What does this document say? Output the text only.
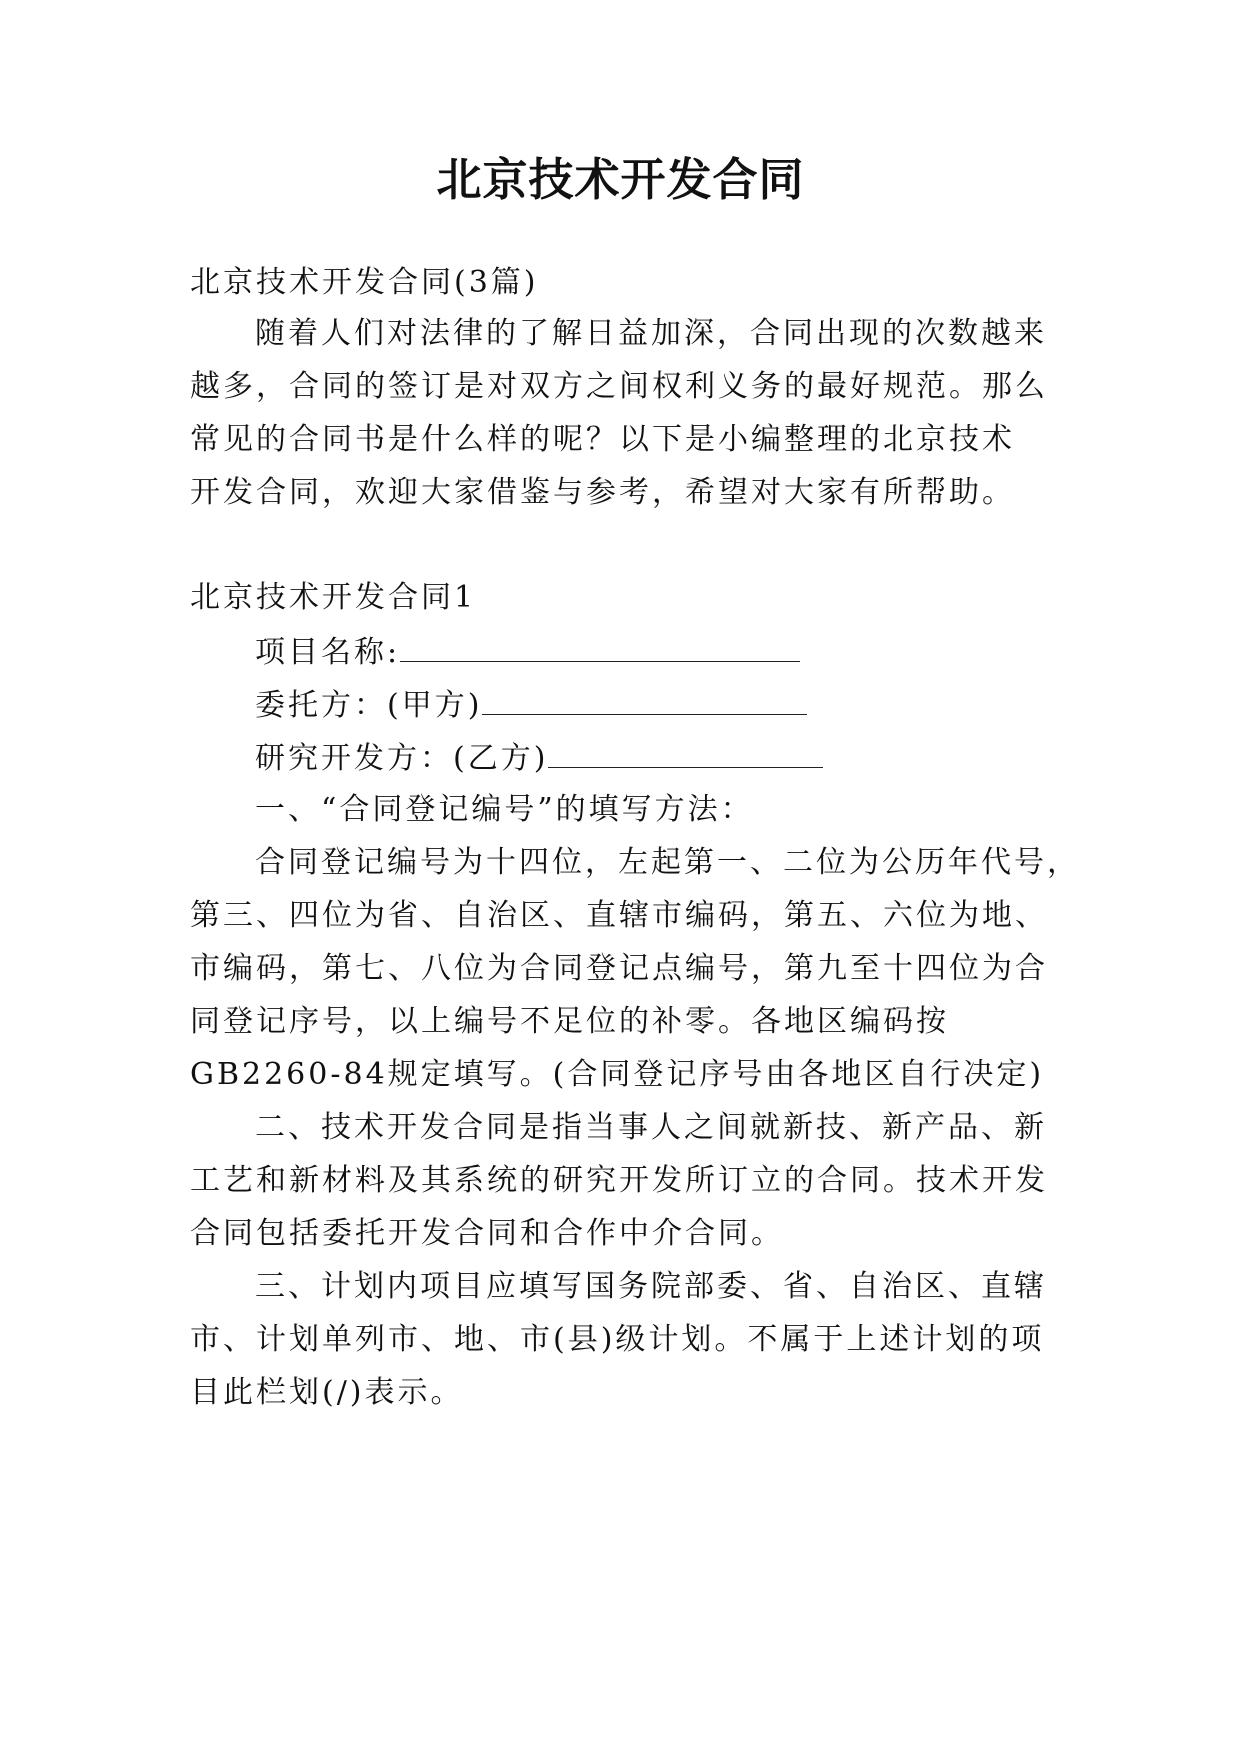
北京技术开发合同

北京技术开发合同(3篇)

随着人们对法律的了解日益加深，合同出现的次数越来

越多，合同的签订是对双方之间权利义务的最好规范。那么

常见的合同书是什么样的呢？以下是小编整理的北京技术

开发合同，欢迎大家借鉴与参考，希望对大家有所帮助。

北京技术开发合同1

项目名称:

委托方：(甲方)

研究开发方：(乙方)

一、“合同登记编号”的填写方法：

合同登记编号为十四位，左起第一、二位为公历年代号，

第三、四位为省、自治区、直辖市编码，第五、六位为地、

市编码，第七、八位为合同登记点编号，第九至十四位为合

同登记序号，以上编号不足位的补零。各地区编码按

GB2260-84规定填写。(合同登记序号由各地区自行决定)

二、技术开发合同是指当事人之间就新技、新产品、新

工艺和新材料及其系统的研究开发所订立的合同。技术开发

合同包括委托开发合同和合作中介合同。

三、计划内项目应填写国务院部委、省、自治区、直辖

市、计划单列市、地、市(县)级计划。不属于上述计划的项

目此栏划(/)表示。
